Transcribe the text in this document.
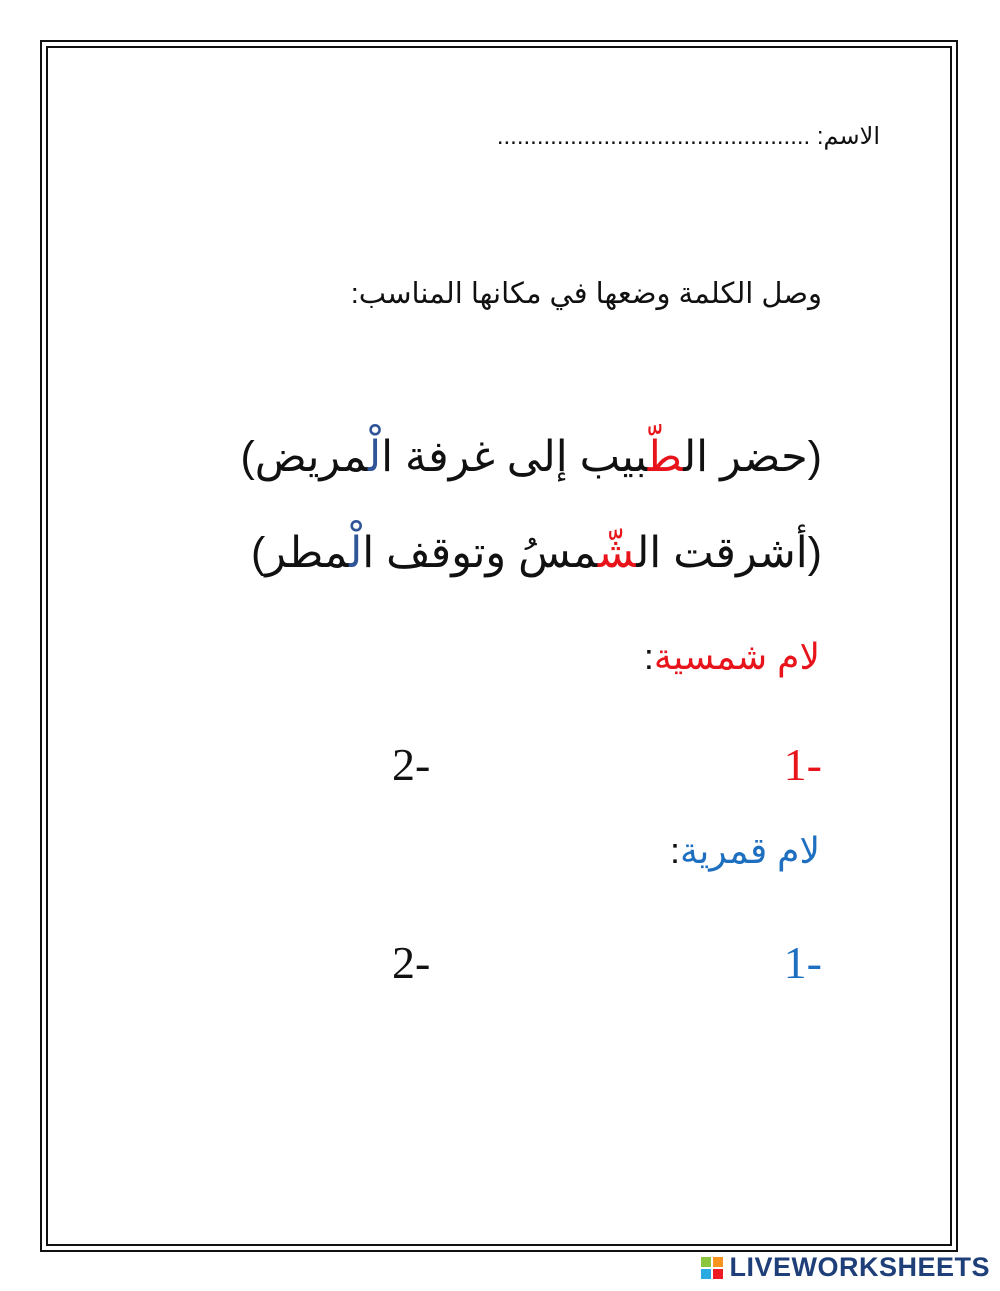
الاسم: ...............................................
وصل الكلمة وضعها في مكانها المناسب:
(حضر الطّبيب إلى غرفة الْمريض)
(أشرقت الشّمسُ وتوقف الْمطر)
لام شمسية:
1-
2-
لام قمرية:
1-
2-
LIVEWORKSHEETS
